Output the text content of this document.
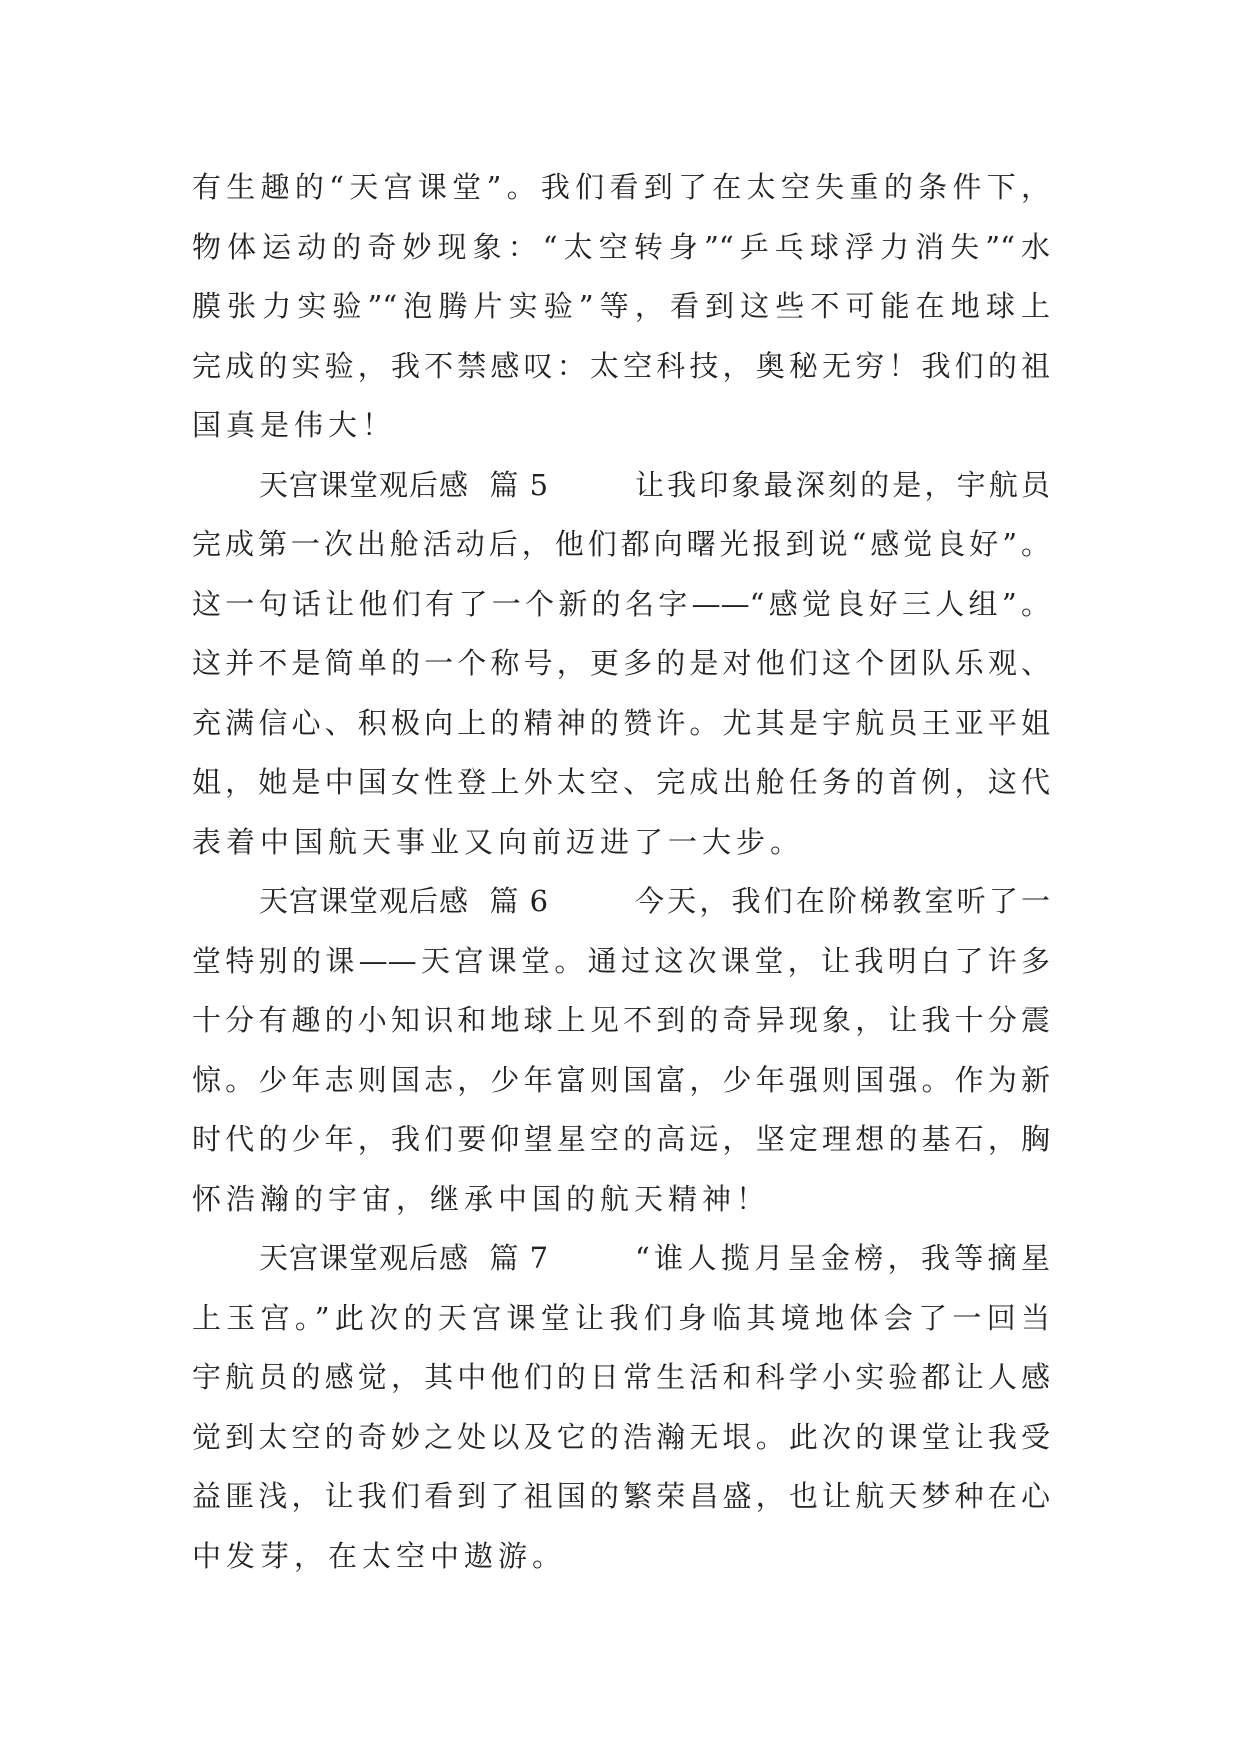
有生趣的“天宫课堂”。我们看到了在太空失重的条件下，
物体运动的奇妙现象：“太空转身”“乒乓球浮力消失”“水
膜张力实验”“泡腾片实验”等，看到这些不可能在地球上
完成的实验，我不禁感叹：太空科技，奥秘无穷！我们的祖
国真是伟大！
天宫课堂观后感  篇 5	让我印象最深刻的是，宇航员
完成第一次出舱活动后，他们都向曙光报到说“感觉良好”。
这一句话让他们有了一个新的名字——“感觉良好三人组”。
这并不是简单的一个称号，更多的是对他们这个团队乐观、
充满信心、积极向上的精神的赞许。尤其是宇航员王亚平姐
姐，她是中国女性登上外太空、完成出舱任务的首例，这代
表着中国航天事业又向前迈进了一大步。
天宫课堂观后感  篇 6	今天，我们在阶梯教室听了一
堂特别的课——天宫课堂。通过这次课堂，让我明白了许多
十分有趣的小知识和地球上见不到的奇异现象，让我十分震
惊。少年志则国志，少年富则国富，少年强则国强。作为新
时代的少年，我们要仰望星空的高远，坚定理想的基石，胸
怀浩瀚的宇宙，继承中国的航天精神！
天宫课堂观后感  篇 7	“谁人揽月呈金榜，我等摘星
上玉宫。”此次的天宫课堂让我们身临其境地体会了一回当
宇航员的感觉，其中他们的日常生活和科学小实验都让人感
觉到太空的奇妙之处以及它的浩瀚无垠。此次的课堂让我受
益匪浅，让我们看到了祖国的繁荣昌盛，也让航天梦种在心
中发芽，在太空中遨游。
